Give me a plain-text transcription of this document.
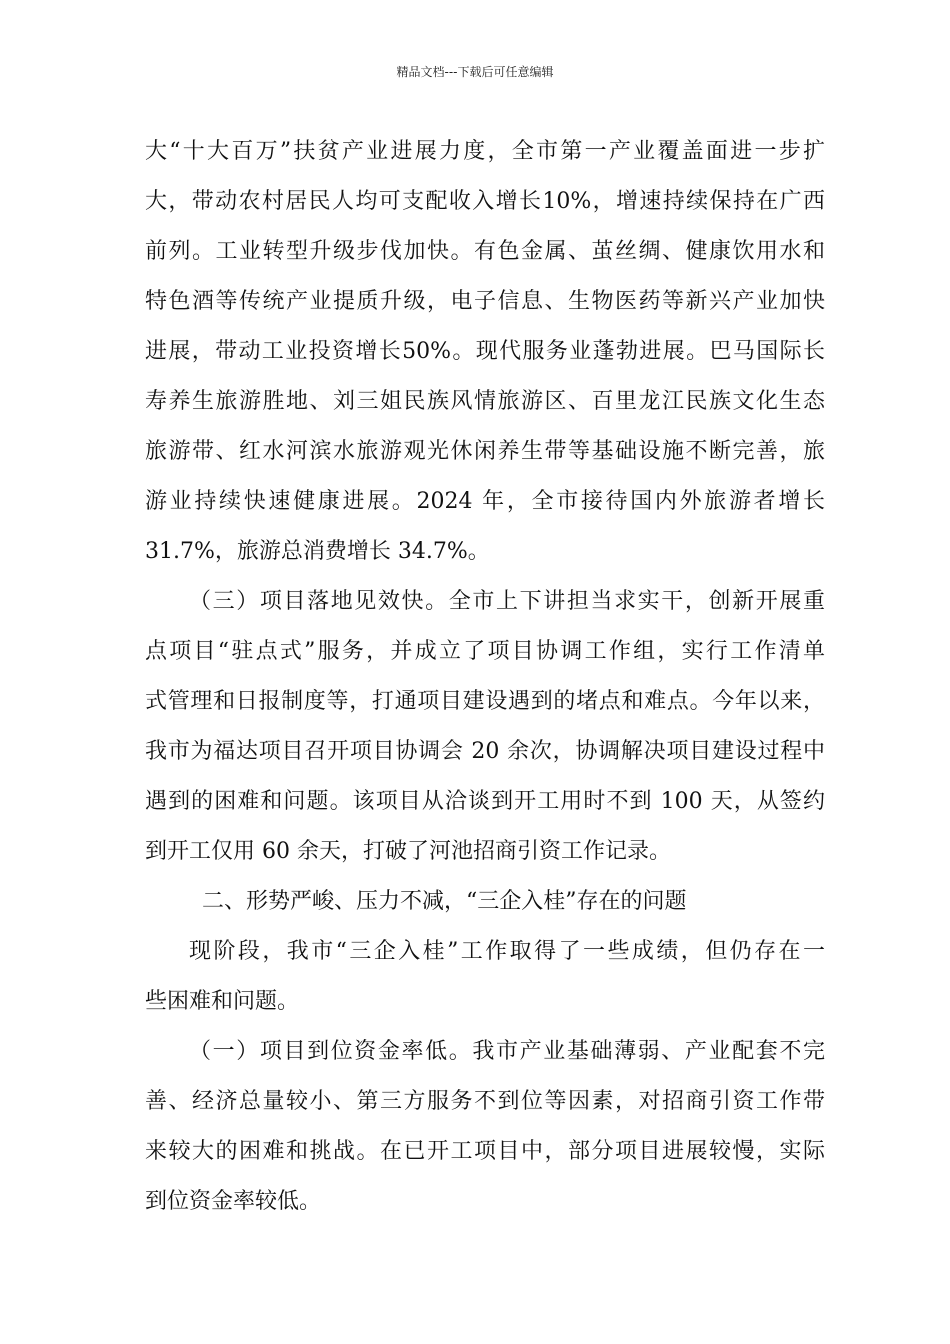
精品文档---下载后可任意编辑
大“十大百万”扶贫产业进展力度，全市第一产业覆盖面进一步扩
大，带动农村居民人均可支配收入增长10%，增速持续保持在广西
前列。工业转型升级步伐加快。有色金属、茧丝绸、健康饮用水和
特色酒等传统产业提质升级，电子信息、生物医药等新兴产业加快
进展，带动工业投资增长50%。现代服务业蓬勃进展。巴马国际长
寿养生旅游胜地、刘三姐民族风情旅游区、百里龙江民族文化生态
旅游带、红水河滨水旅游观光休闲养生带等基础设施不断完善，旅
游业持续快速健康进展。2024 年，全市接待国内外旅游者增长
31.7%，旅游总消费增长 34.7%。
（三）项目落地见效快。全市上下讲担当求实干，创新开展重
点项目“驻点式”服务，并成立了项目协调工作组，实行工作清单
式管理和日报制度等，打通项目建设遇到的堵点和难点。今年以来，
我市为福达项目召开项目协调会 20 余次，协调解决项目建设过程中
遇到的困难和问题。该项目从洽谈到开工用时不到 100 天，从签约
到开工仅用 60 余天，打破了河池招商引资工作记录。
二、形势严峻、压力不减，“三企入桂”存在的问题
现阶段，我市“三企入桂”工作取得了一些成绩，但仍存在一
些困难和问题。
（一）项目到位资金率低。我市产业基础薄弱、产业配套不完
善、经济总量较小、第三方服务不到位等因素，对招商引资工作带
来较大的困难和挑战。在已开工项目中，部分项目进展较慢，实际
到位资金率较低。
